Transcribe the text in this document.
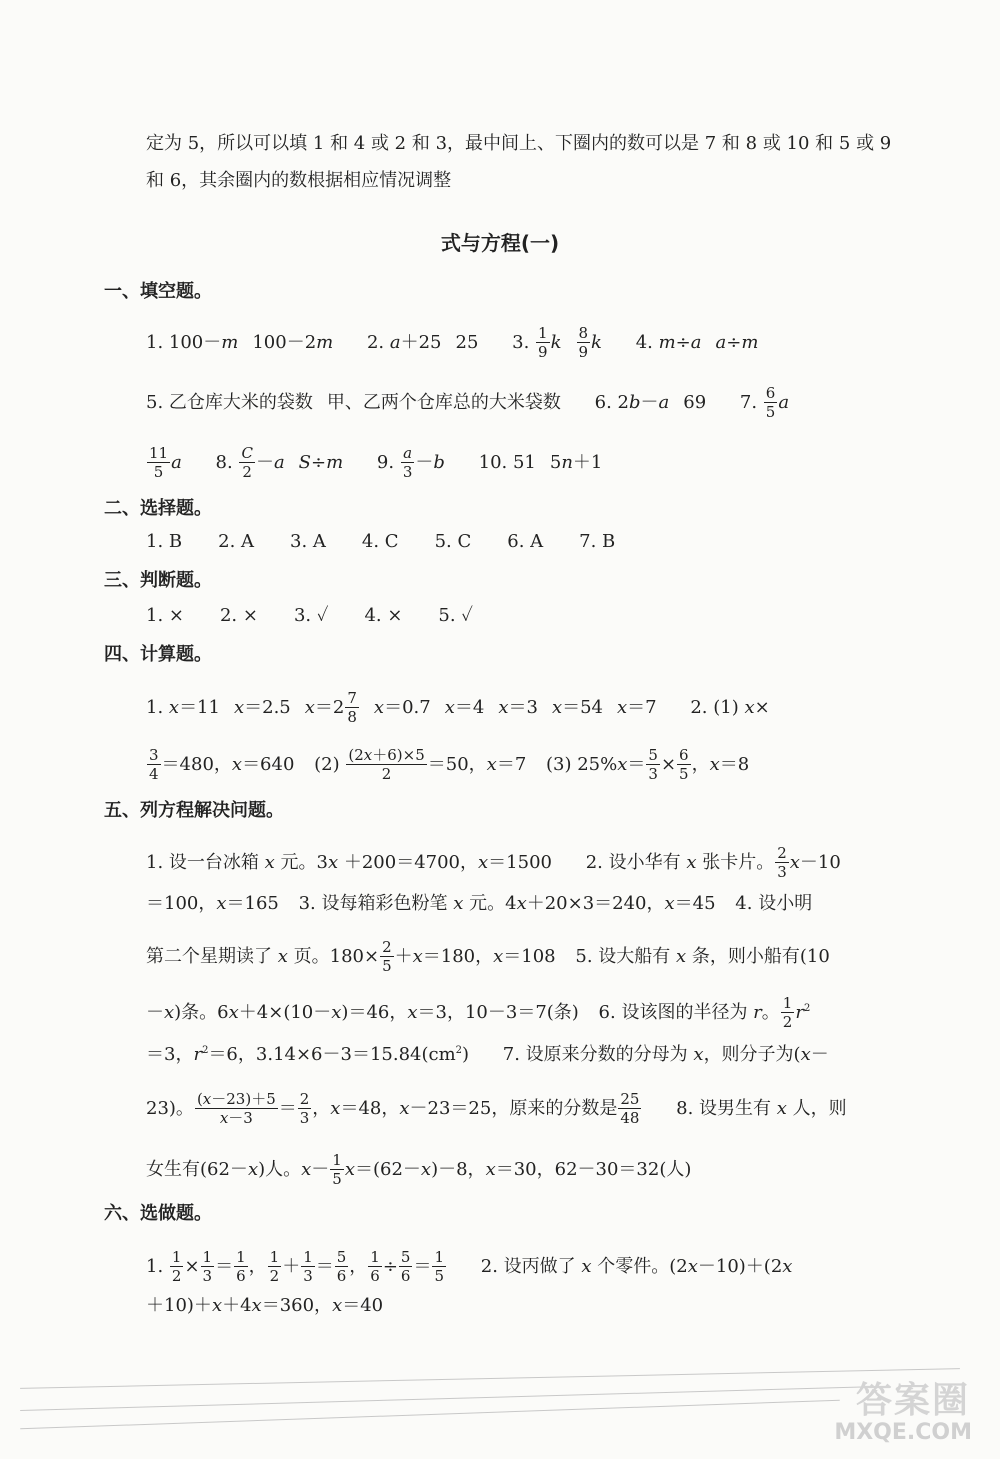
定为 5，所以可以填 1 和 4 或 2 和 3，最中间上、下圈内的数可以是 7 和 8 或 10 和 5 或 9
和 6，其余圈内的数根据相应情况调整
式与方程(一)
一、填空题。
1. 100－m 100－2m 2. a＋25 25 3. $\frac{1}{9}$ k $\frac{8}{9}$ k 4. m÷a a÷m
5. 乙仓库大米的袋数 甲、乙两个仓库总的大米袋数 6. 2b－a 69 7. $\frac{6}{5}$ a
$\frac{11}{5}$ a 8. $\frac{C}{2} -a$ S÷m 9. $\frac{a}{3} -b$ 10. 51 5n＋1
二、选择题。
1. B　　2. A　　3. A　　4. C　　5. C　　6. A　　7. B
三、判断题。
1. ×　　2. ×　　3. ✓　　4. ×　　5. ✓
四、计算题。
1. x＝11 x＝2.5 $x=2 \frac{7}{8} x=0.7$ x＝4 x＝3 x＝54 x＝7 2. (1) x×
$\frac{3}{4} =480$，x＝640 $(2) \frac{(2x+6)\times 5}{2} =50$，x＝7 (3) $25\%x= \frac{5}{3} \times \frac{6}{5}$ ，x＝8
五、列方程解决问题。
1. 设一台冰箱 x 元。3x ＋200＝4700，x＝1500 2. 设小华有 x 张卡片。 $\frac{2}{3} x-10$
＝100，x＝165 3. 设每箱彩色粉笔 x 元。4x＋20×3＝240，x＝45 4. 设小明
第二个星期读了 x 页。$180\times \frac{2}{5} +x=180$，x＝108 5. 设大船有 x 条，则小船有(10
－x)条。6x＋4×(10－x)＝46，x＝3，10－3＝7(条) 6. 设该图的半径为 r。 $\frac{1}{2} r^2$
＝3，$r^2=6$，$3.14\times 6-3=15.84(cm^2)$ 7. 设原来分数的分母为 x，则分子为(x－
23)。 $\frac{(x-23)+5}{x-3} = \frac{2}{3}$ ，x＝48，x－23＝25，原来的分数是 $\frac{25}{48} 8$. 设男生有 x 人，则
女生有(62－x)人。$x- \frac{1}{5} x=(62-x)-8$，x＝30，62－30＝32(人)
六、选做题。
1. $\frac{1}{2} \times \frac{1}{3} = \frac{1}{6}$ ， $\frac{1}{2} + \frac{1}{3} = \frac{5}{6}$ ， $\frac{1}{6} \div \frac{5}{6} = \frac{1}{5} 2$. 设丙做了 x 个零件。(2x－10)＋(2x
＋10)＋x＋4x＝360，x＝40
答案圈
MXQE.COM
